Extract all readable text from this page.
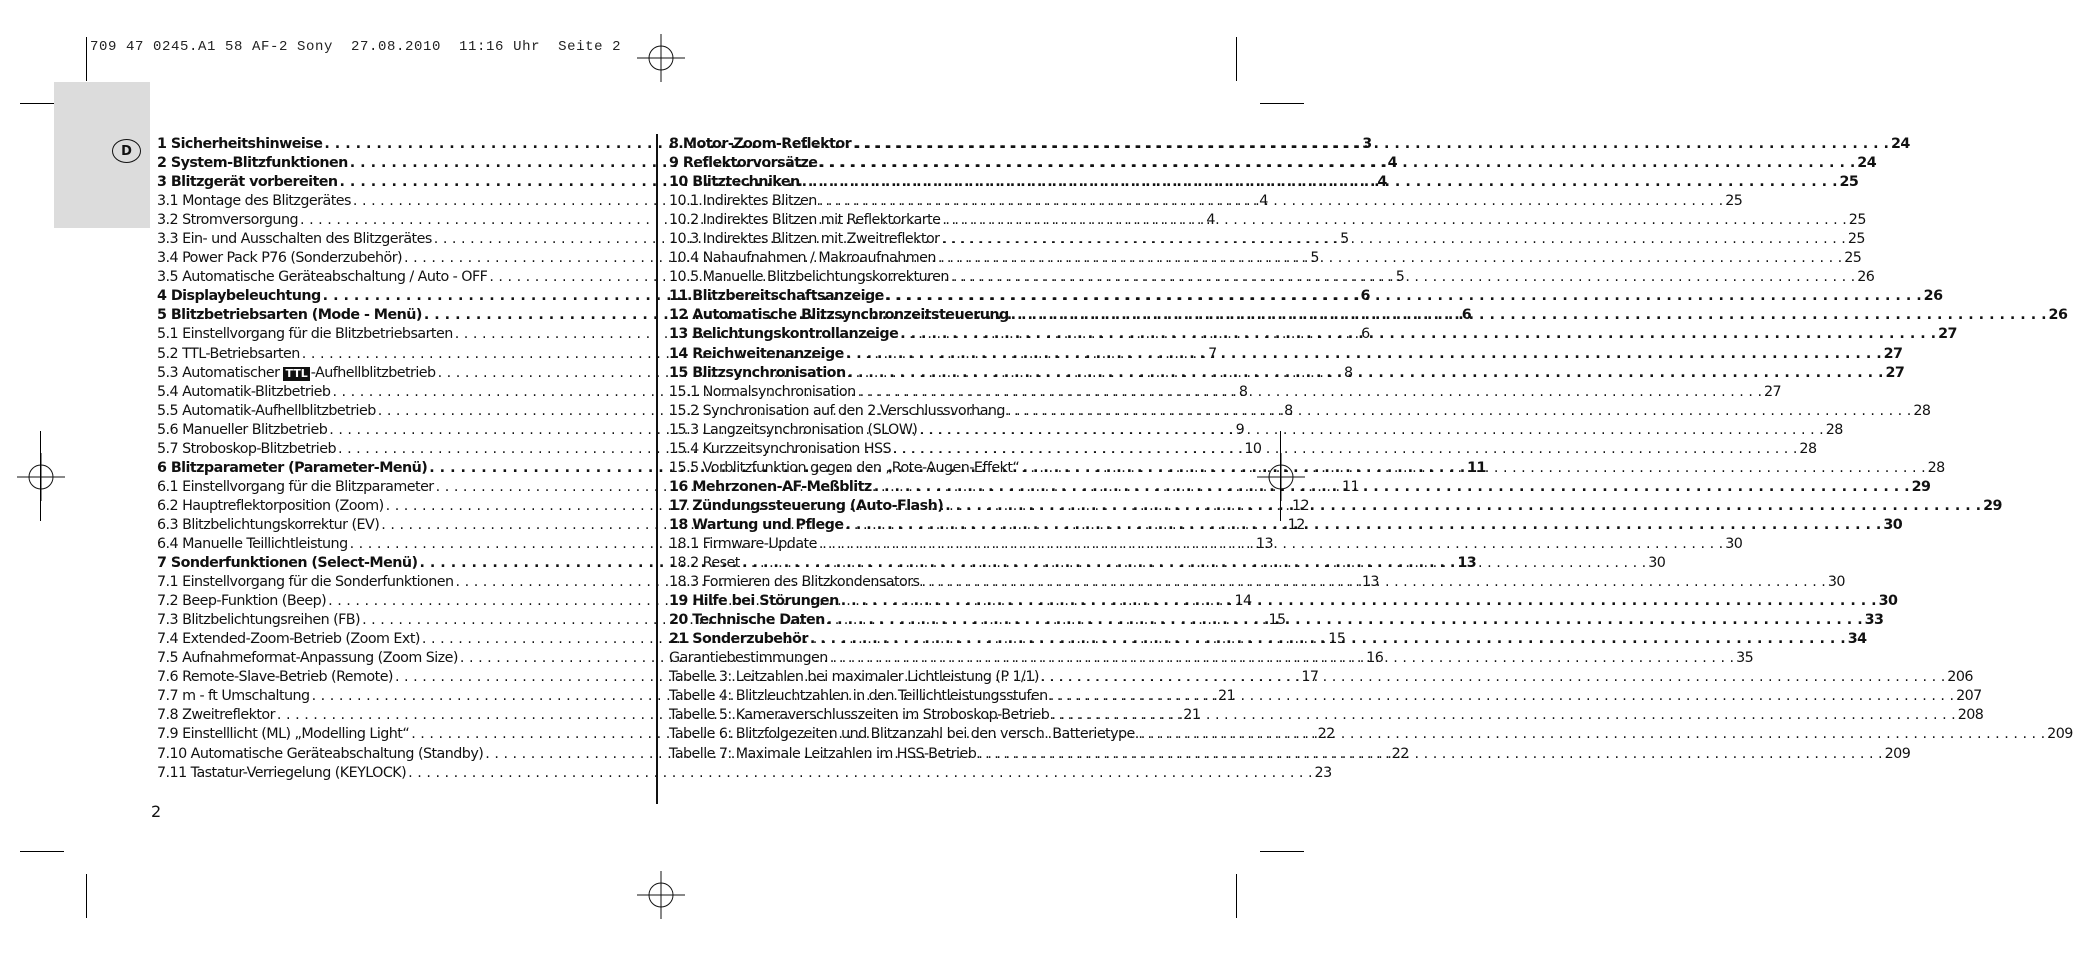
709 47 0245.A1 58 AF-2 Sony  27.08.2010  11:16 Uhr  Seite 2
D	1 Sicherheitshinweise . . .	3
2 System-Blitzfunktionen . . .	4
3 Blitzgerät vorbereiten . . .	4
3.1 Montage des Blitzgerätes . . .	4
3.2 Stromversorgung . . .	4
3.3 Ein- und Ausschalten des Blitzgerätes . . .	5
3.4 Power Pack P76 (Sonderzubehör) . . .	5
3.5 Automatische Geräteabschaltung / Auto - OFF . . .	5
4 Displaybeleuchtung . . .	6
5 Blitzbetriebsarten (Mode - Menü) . . .	6
5.1 Einstellvorgang für die Blitzbetriebsarten . . .	6
5.2 TTL-Betriebsarten . . .	7
5.3 Automatischer TTL -Aufhellblitzbetrieb . . .	8
5.4 Automatik-Blitzbetrieb . . .	8
5.5 Automatik-Aufhellblitzbetrieb . . .	8
5.6 Manueller Blitzbetrieb . . .	9
5.7 Stroboskop-Blitzbetrieb . . .	10
6 Blitzparameter (Parameter-Menü) . . .	11
6.1 Einstellvorgang für die Blitzparameter . . .	11
6.2 Hauptreflektorposition (Zoom) . . .	12
6.3 Blitzbelichtungskorrektur (EV) . . .	12
6.4 Manuelle Teillichtleistung . . .	13
7 Sonderfunktionen (Select-Menü) . . .	13
7.1 Einstellvorgang für die Sonderfunktionen . . .	13
7.2 Beep-Funktion (Beep) . . .	14
7.3 Blitzbelichtungsreihen (FB) . . .	15
7.4 Extended-Zoom-Betrieb (Zoom Ext) . . .	15
7.5 Aufnahmeformat-Anpassung (Zoom Size) . . .	16
7.6 Remote-Slave-Betrieb (Remote) . . .	17
7.7 m - ft Umschaltung . . .	21
7.8 Zweitreflektor . . .	21
7.9 Einstelllicht (ML) „Modelling Light“ . . .	22
7.10 Automatische Geräteabschaltung (Standby) . . .	22
7.11 Tastatur-Verriegelung (KEYLOCK) . . .	23
8 Motor-Zoom-Reflektor . . .	24
9 Reflektorvorsätze . . .	24
10 Blitztechniken . . .	25
10.1 Indirektes Blitzen . . .	25
10.2 Indirektes Blitzen mit Reflektorkarte . . .	25
10.3 Indirektes Blitzen mit Zweitreflektor . . .	25
10.4 Nahaufnahmen / Makroaufnahmen . . .	25
10.5 Manuelle Blitzbelichtungskorrekturen . . .	26
11 Blitzbereitschaftsanzeige . . .	26
12 Automatische Blitzsynchronzeitsteuerung . . .	26
13 Belichtungskontrollanzeige . . .	27
14 Reichweitenanzeige . . .	27
15 Blitzsynchronisation . . .	27
15.1 Normalsynchronisation . . .	27
15.2 Synchronisation auf den 2.Verschlussvorhang . . .	28
15.3 Langzeitsynchronisation (SLOW) . . .	28
15.4 Kurzzeitsynchronisation HSS . . .	28
15.5 Vorblitzfunktion gegen den „Rote-Augen-Effekt“ . . .	28
16 Mehrzonen-AF-Meßblitz . . .	29
17 Zündungssteuerung (Auto-Flash) . . .	29
18 Wartung und Pflege . . .	30
18.1 Firmware-Update . . .	30
18.2 Reset . . .	30
18.3 Formieren des Blitzkondensators . . .	30
19 Hilfe bei Störungen . . .	30
20 Technische Daten . . .	33
21 Sonderzubehör . . .	34
Garantiebestimmungen . . .	35
Tabelle 3: Leitzahlen bei maximaler Lichtleistung (P 1/1) . . .	206
Tabelle 4: Blitzleuchtzahlen in den Teillichtleistungsstufen . . .	207
Tabelle 5: Kameraverschlusszeiten im Stroboskop-Betrieb . . .	208
Tabelle 6: Blitzfolgezeiten und Blitzanzahl bei den versch. Batterietype. . . .	209
Tabelle 7: Maximale Leitzahlen im HSS-Betrieb . . .	209
2
